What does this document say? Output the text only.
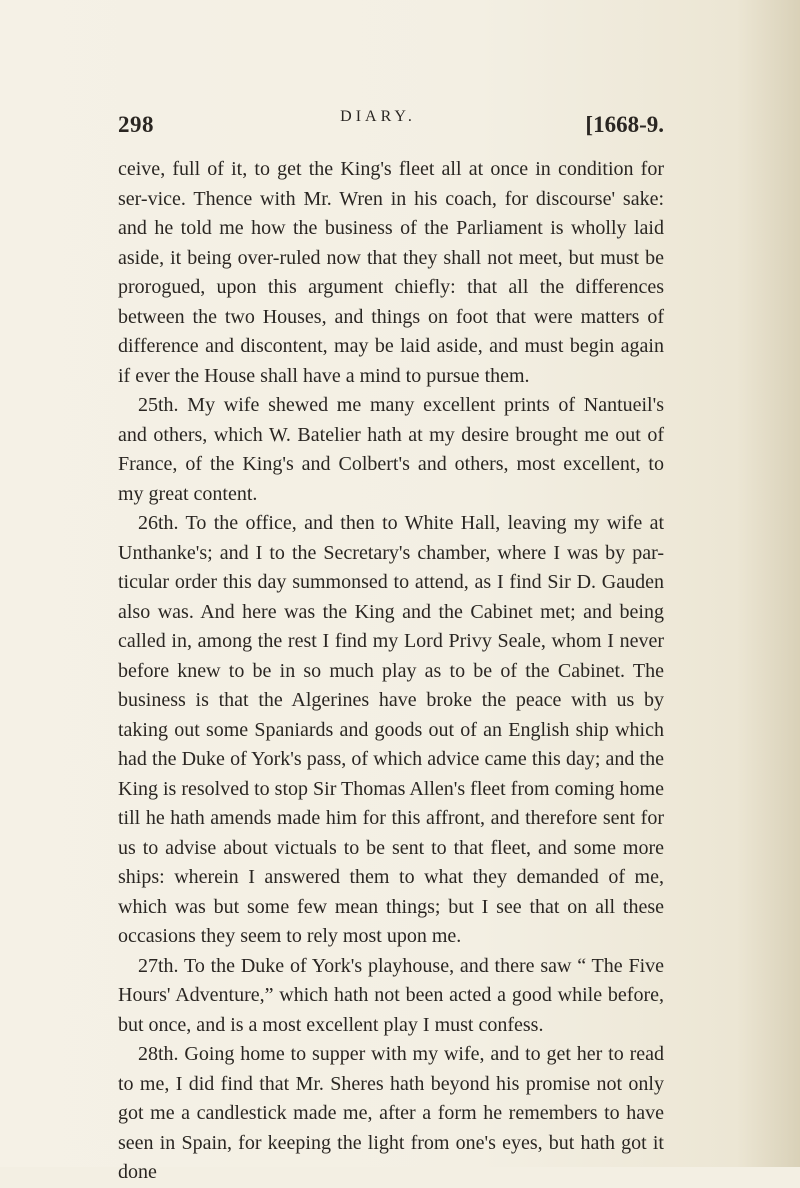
298	DIARY.	[1668-9.

ceive, full of it, to get the King's fleet all at once in condition for ser-vice. Thence with Mr. Wren in his coach, for discourse' sake: and he told me how the business of the Parliament is wholly laid aside, it being over-ruled now that they shall not meet, but must be prorogued, upon this argument chiefly: that all the differences between the two Houses, and things on foot that were matters of difference and discontent, may be laid aside, and must begin again if ever the House shall have a mind to pursue them.

25th. My wife shewed me many excellent prints of Nantueil's and others, which W. Batelier hath at my desire brought me out of France, of the King's and Colbert's and others, most excellent, to my great content.

26th. To the office, and then to White Hall, leaving my wife at Unthanke's; and I to the Secretary's chamber, where I was by par-ticular order this day summonsed to attend, as I find Sir D. Gauden also was. And here was the King and the Cabinet met; and being called in, among the rest I find my Lord Privy Seale, whom I never before knew to be in so much play as to be of the Cabinet. The business is that the Algerines have broke the peace with us by taking out some Spaniards and goods out of an English ship which had the Duke of York's pass, of which advice came this day; and the King is resolved to stop Sir Thomas Allen's fleet from coming home till he hath amends made him for this affront, and therefore sent for us to advise about victuals to be sent to that fleet, and some more ships: wherein I answered them to what they demanded of me, which was but some few mean things; but I see that on all these occasions they seem to rely most upon me.

27th. To the Duke of York's playhouse, and there saw “ The Five Hours' Adventure,” which hath not been acted a good while before, but once, and is a most excellent play I must confess.

28th. Going home to supper with my wife, and to get her to read to me, I did find that Mr. Sheres hath beyond his promise not only got me a candlestick made me, after a form he remembers to have seen in Spain, for keeping the light from one's eyes, but hath got it done
